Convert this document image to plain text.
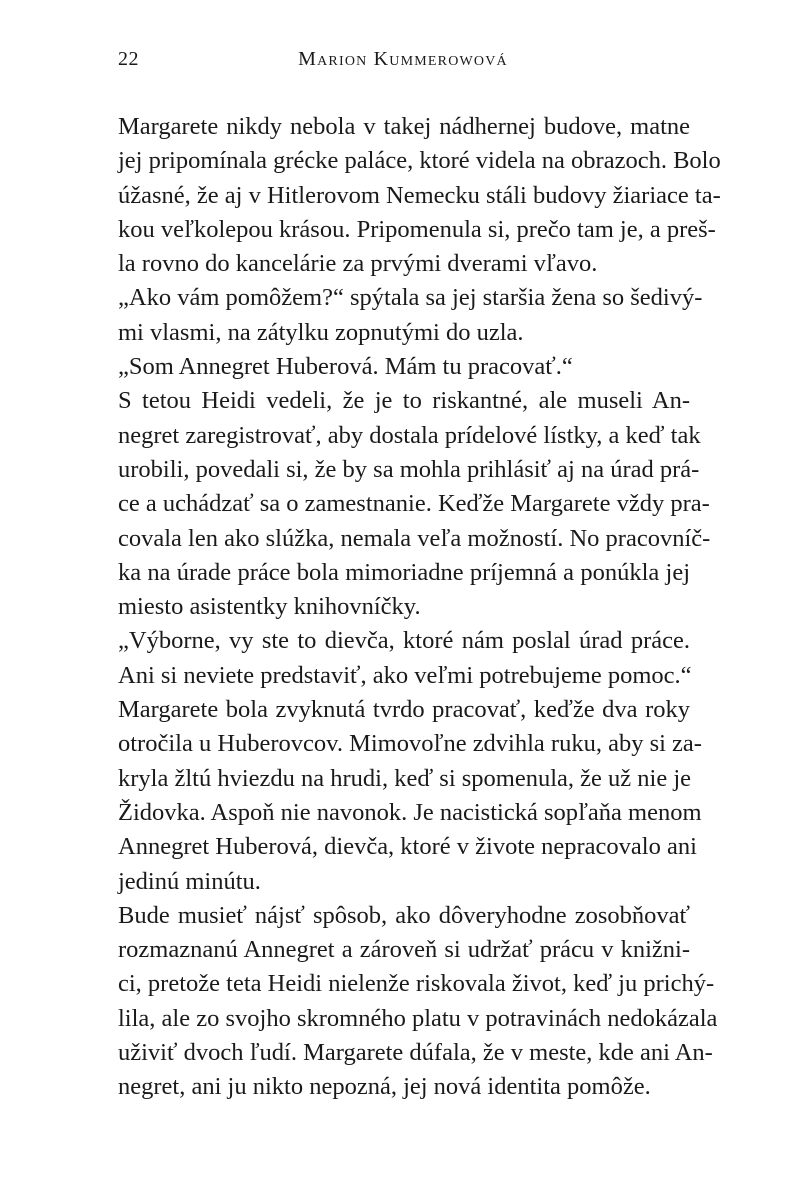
22	Marion Kummerowová
Margarete nikdy nebola v takej nádhernej budove, matne
jej pripomínala grécke paláce, ktoré videla na obrazoch. Bolo
úžasné, že aj v Hitlerovom Nemecku stáli budovy žiariace ta-
kou veľkolepou krásou. Pripomenula si, prečo tam je, a preš-
la rovno do kancelárie za prvými dverami vľavo.
„Ako vám pomôžem?“ spýtala sa jej staršia žena so šedivý-
mi vlasmi, na zátylku zopnutými do uzla.
„Som Annegret Huberová. Mám tu pracovať.“
S tetou Heidi vedeli, že je to riskantné, ale museli An-
negret zaregistrovať, aby dostala prídelové lístky, a keď tak
urobili, povedali si, že by sa mohla prihlásiť aj na úrad prá-
ce a uchádzať sa o zamestnanie. Keďže Margarete vždy pra-
covala len ako slúžka, nemala veľa možností. No pracovníč-
ka na úrade práce bola mimoriadne príjemná a ponúkla jej
miesto asistentky knihovníčky.
„Výborne, vy ste to dievča, ktoré nám poslal úrad práce.
Ani si neviete predstaviť, ako veľmi potrebujeme pomoc.“
Margarete bola zvyknutá tvrdo pracovať, keďže dva roky
otročila u Huberovcov. Mimovoľne zdvihla ruku, aby si za-
kryla žltú hviezdu na hrudi, keď si spomenula, že už nie je
Židovka. Aspoň nie navonok. Je nacistická sopľaňa menom
Annegret Huberová, dievča, ktoré v živote nepracovalo ani
jedinú minútu.
Bude musieť nájsť spôsob, ako dôveryhodne zosobňovať
rozmaznanú Annegret a zároveň si udržať prácu v knižni-
ci, pretože teta Heidi nielenže riskovala život, keď ju prichý-
lila, ale zo svojho skromného platu v potravinách nedokázala
uživiť dvoch ľudí. Margarete dúfala, že v meste, kde ani An-
negret, ani ju nikto nepozná, jej nová identita pomôže.
